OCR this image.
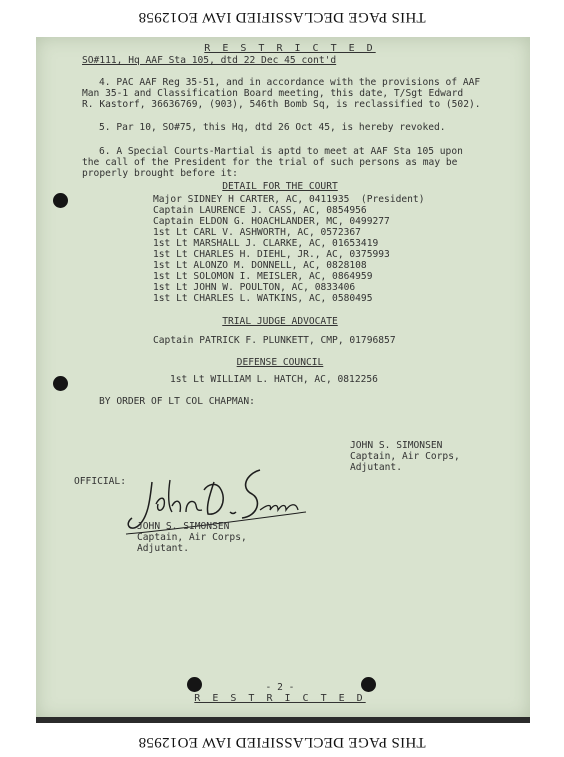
THIS PAGE DECLASSIFIED IAW EO12958
R E S T R I C T E D
SO#111, Hq AAF Sta 105, dtd 22 Dec 45 cont'd
4. PAC AAF Reg 35-51, and in accordance with the provisions of AAF
Man 35-1 and Classification Board meeting, this date, T/Sgt Edward
R. Kastorf, 36636769, (903), 546th Bomb Sq, is reclassified to (502).
5. Par 10, SO#75, this Hq, dtd 26 Oct 45, is hereby revoked.
6. A Special Courts-Martial is aptd to meet at AAF Sta 105 upon
the call of the President for the trial of such persons as may be
properly brought before it:
DETAIL FOR THE COURT
Major SIDNEY H CARTER, AC, 0411935  (President)
Captain LAURENCE J. CASS, AC, 0854956
Captain ELDON G. HOACHLANDER, MC, 0499277
1st Lt CARL V. ASHWORTH, AC, 0572367
1st Lt MARSHALL J. CLARKE, AC, 01653419
1st Lt CHARLES H. DIEHL, JR., AC, 0375993
1st Lt ALONZO M. DONNELL, AC, 0828108
1st Lt SOLOMON I. MEISLER, AC, 0864959
1st Lt JOHN W. POULTON, AC, 0833406
1st Lt CHARLES L. WATKINS, AC, 0580495
TRIAL JUDGE ADVOCATE
Captain PATRICK F. PLUNKETT, CMP, 01796857
DEFENSE COUNCIL
1st Lt WILLIAM L. HATCH, AC, 0812256
BY ORDER OF LT COL CHAPMAN:
JOHN S. SIMONSEN
Captain, Air Corps,
Adjutant.
OFFICIAL:
JOHN S. SIMONSEN
Captain, Air Corps,
Adjutant.
- 2 -
R E S T R I C T E D
THIS PAGE DECLASSIFIED IAW EO12958
